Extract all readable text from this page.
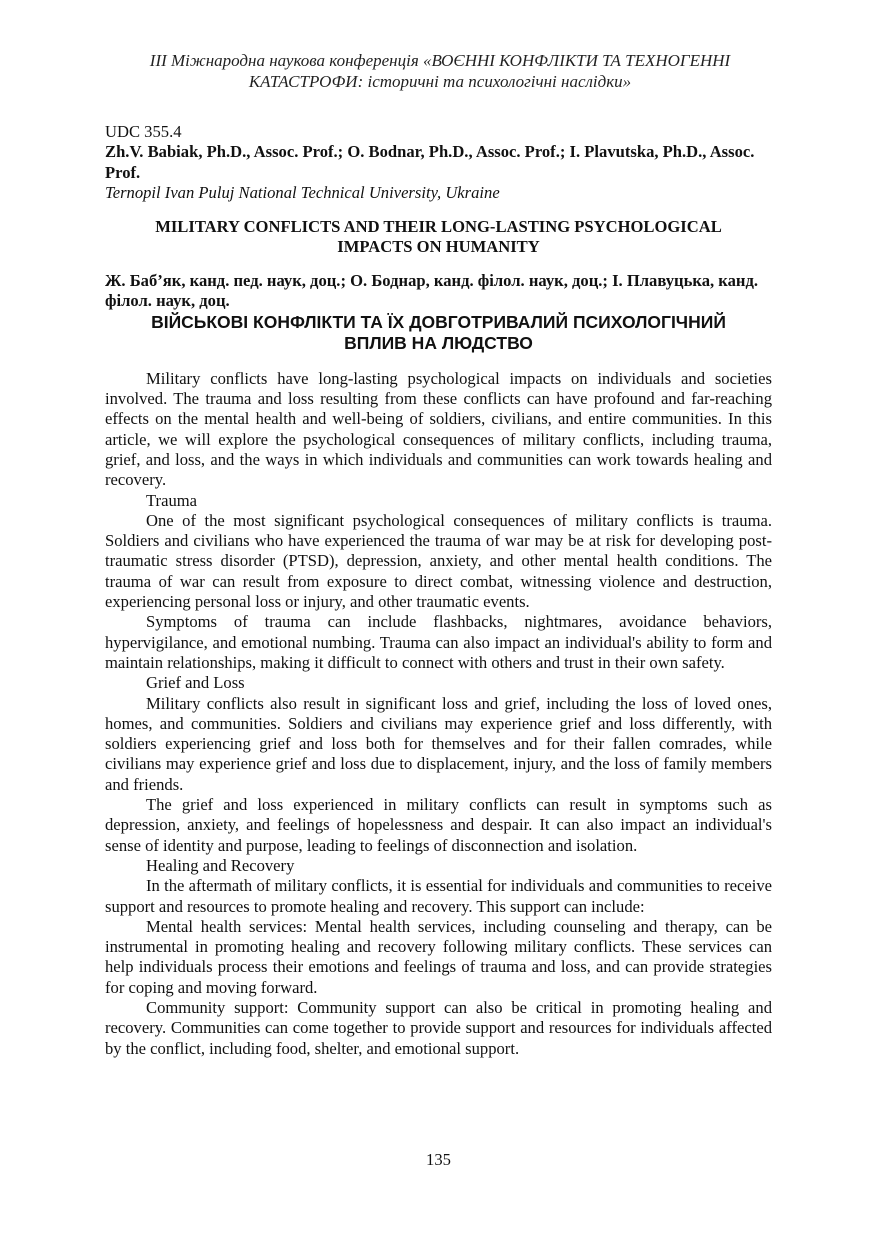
III Міжнародна наукова конференція «ВОЄННІ КОНФЛІКТИ ТА ТЕХНОГЕННІ
КАТАСТРОФИ: історичні та психологічні наслідки»

UDC 355.4

Zh.V. Babiak, Ph.D., Assoc. Prof.; O. Bodnar, Ph.D., Assoc. Prof.; I. Plavutska, Ph.D., Assoc. Prof.

Ternopil Ivan Puluj National Technical University, Ukraine

MILITARY CONFLICTS AND THEIR LONG-LASTING PSYCHOLOGICAL IMPACTS ON HUMANITY

Ж. Баб’як, канд. пед. наук, доц.; О. Боднар, канд. філол. наук, доц.; І. Плавуцька, канд. філол. наук, доц.

ВІЙСЬКОВІ КОНФЛІКТИ ТА ЇХ ДОВГОТРИВАЛИЙ ПСИХОЛОГІЧНИЙ ВПЛИВ НА ЛЮДСТВО

Military conflicts have long-lasting psychological impacts on individuals and societies involved. The trauma and loss resulting from these conflicts can have profound and far-reaching effects on the mental health and well-being of soldiers, civilians, and entire communities. In this article, we will explore the psychological consequences of military conflicts, including trauma, grief, and loss, and the ways in which individuals and communities can work towards healing and recovery.

Trauma

One of the most significant psychological consequences of military conflicts is trauma. Soldiers and civilians who have experienced the trauma of war may be at risk for developing post-traumatic stress disorder (PTSD), depression, anxiety, and other mental health conditions. The trauma of war can result from exposure to direct combat, witnessing violence and destruction, experiencing personal loss or injury, and other traumatic events.

Symptoms of trauma can include flashbacks, nightmares, avoidance behaviors, hypervigilance, and emotional numbing. Trauma can also impact an individual's ability to form and maintain relationships, making it difficult to connect with others and trust in their own safety.

Grief and Loss

Military conflicts also result in significant loss and grief, including the loss of loved ones, homes, and communities. Soldiers and civilians may experience grief and loss differently, with soldiers experiencing grief and loss both for themselves and for their fallen comrades, while civilians may experience grief and loss due to displacement, injury, and the loss of family members and friends.

The grief and loss experienced in military conflicts can result in symptoms such as depression, anxiety, and feelings of hopelessness and despair. It can also impact an individual's sense of identity and purpose, leading to feelings of disconnection and isolation.

Healing and Recovery

In the aftermath of military conflicts, it is essential for individuals and communities to receive support and resources to promote healing and recovery. This support can include:

Mental health services: Mental health services, including counseling and therapy, can be instrumental in promoting healing and recovery following military conflicts. These services can help individuals process their emotions and feelings of trauma and loss, and can provide strategies for coping and moving forward.

Community support: Community support can also be critical in promoting healing and recovery. Communities can come together to provide support and resources for individuals affected by the conflict, including food, shelter, and emotional support.

135
